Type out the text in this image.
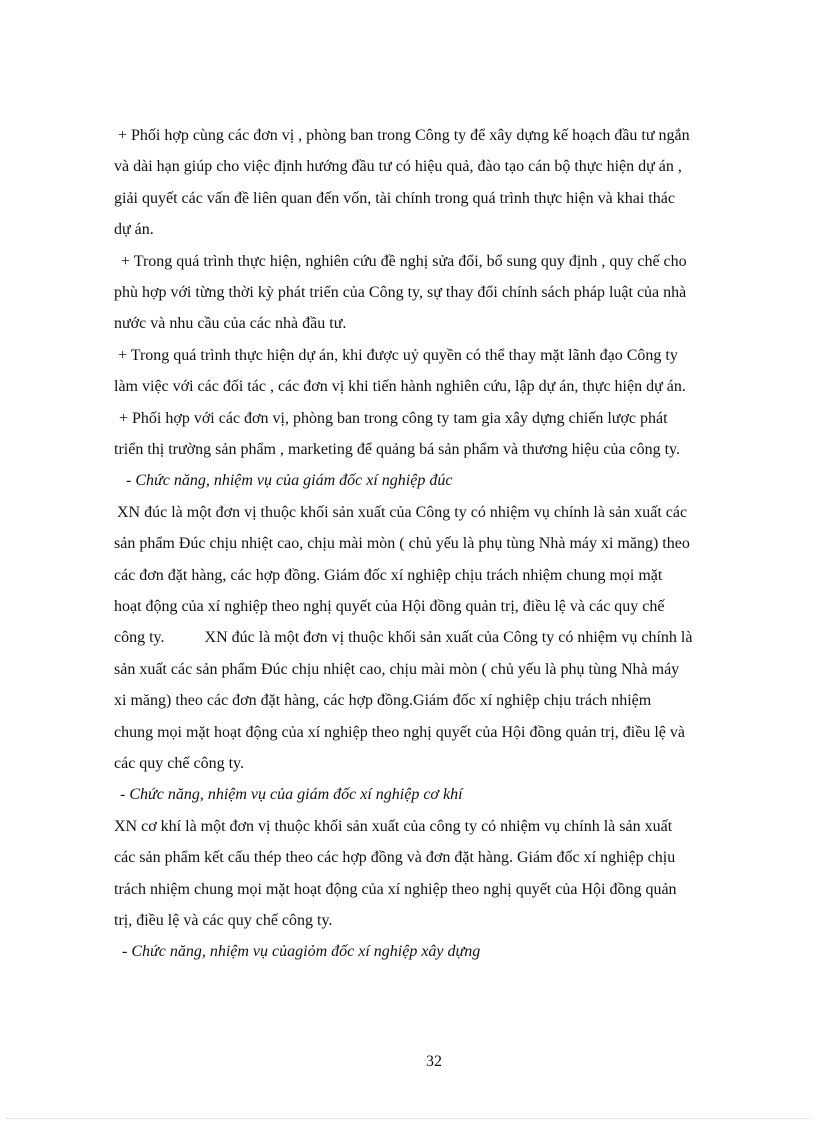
+ Phối hợp cùng các đơn vị , phòng ban trong Công ty để xây dựng kế hoạch đầu tư ngắn
và dài hạn giúp cho việc định hướng đầu tư có hiệu quả, đào tạo cán bộ thực hiện dự án ,
giải quyết các vấn đề liên quan đến vốn, tài chính trong quá trình thực hiện và khai thác
dự án.
+ Trong quá trình thực hiện, nghiên cứu đề nghị sửa đổi, bổ sung quy định , quy chế cho
phù hợp với từng thời kỳ phát triển của Công ty, sự thay đổi chính sách pháp luật của nhà
nước và nhu cầu của các nhà đầu tư.
+ Trong quá trình thực hiện dự án, khi được uỷ quyền có thể thay mặt lãnh đạo Công ty
làm việc với các đối tác , các đơn vị khi tiến hành nghiên cứu, lập dự án, thực hiện dự án.
+ Phối hợp với các đơn vị, phòng ban trong công ty tam gia xây dựng chiến lược phát
triển thị trường sản phẩm , marketing để quảng bá sản phẩm và thương hiệu của công ty.
- Chức năng, nhiệm vụ của giám đốc xí nghiệp đúc
XN đúc là một đơn vị thuộc khối sản xuất của Công ty có nhiệm vụ chính là sản xuất các
sản phẩm Đúc chịu nhiệt cao, chịu mài mòn ( chủ yếu là phụ tùng Nhà máy xi măng) theo
các đơn đặt hàng, các hợp đồng. Giám đốc xí nghiệp chịu trách nhiệm chung mọi mặt
hoạt động của xí nghiệp theo nghị quyết của Hội đồng quản trị, điều lệ và các quy chế
công ty.          XN đúc là một đơn vị thuộc khối sản xuất của Công ty có nhiệm vụ chính là
sản xuất các sản phẩm Đúc chịu nhiệt cao, chịu mài mòn ( chủ yếu là phụ tùng Nhà máy
xi măng) theo các đơn đặt hàng, các hợp đồng.Giám đốc xí nghiệp chịu trách nhiệm
chung mọi mặt hoạt động của xí nghiệp theo nghị quyết của Hội đồng quản trị, điều lệ và
các quy chế công ty.
- Chức năng, nhiệm vụ của giám đốc xí nghiệp cơ khí
XN cơ khí là một đơn vị thuộc khối sản xuất của công ty có nhiệm vụ chính là sản xuất
các sản phẩm kết cấu thép theo các hợp đồng và đơn đặt hàng. Giám đốc xí nghiệp chịu
trách nhiệm chung mọi mặt hoạt động của xí nghiệp theo nghị quyết của Hội đồng quản
trị, điều lệ và các quy chế công ty.
- Chức năng, nhiệm vụ củagiỏm đốc xí nghiệp xây dựng
32
